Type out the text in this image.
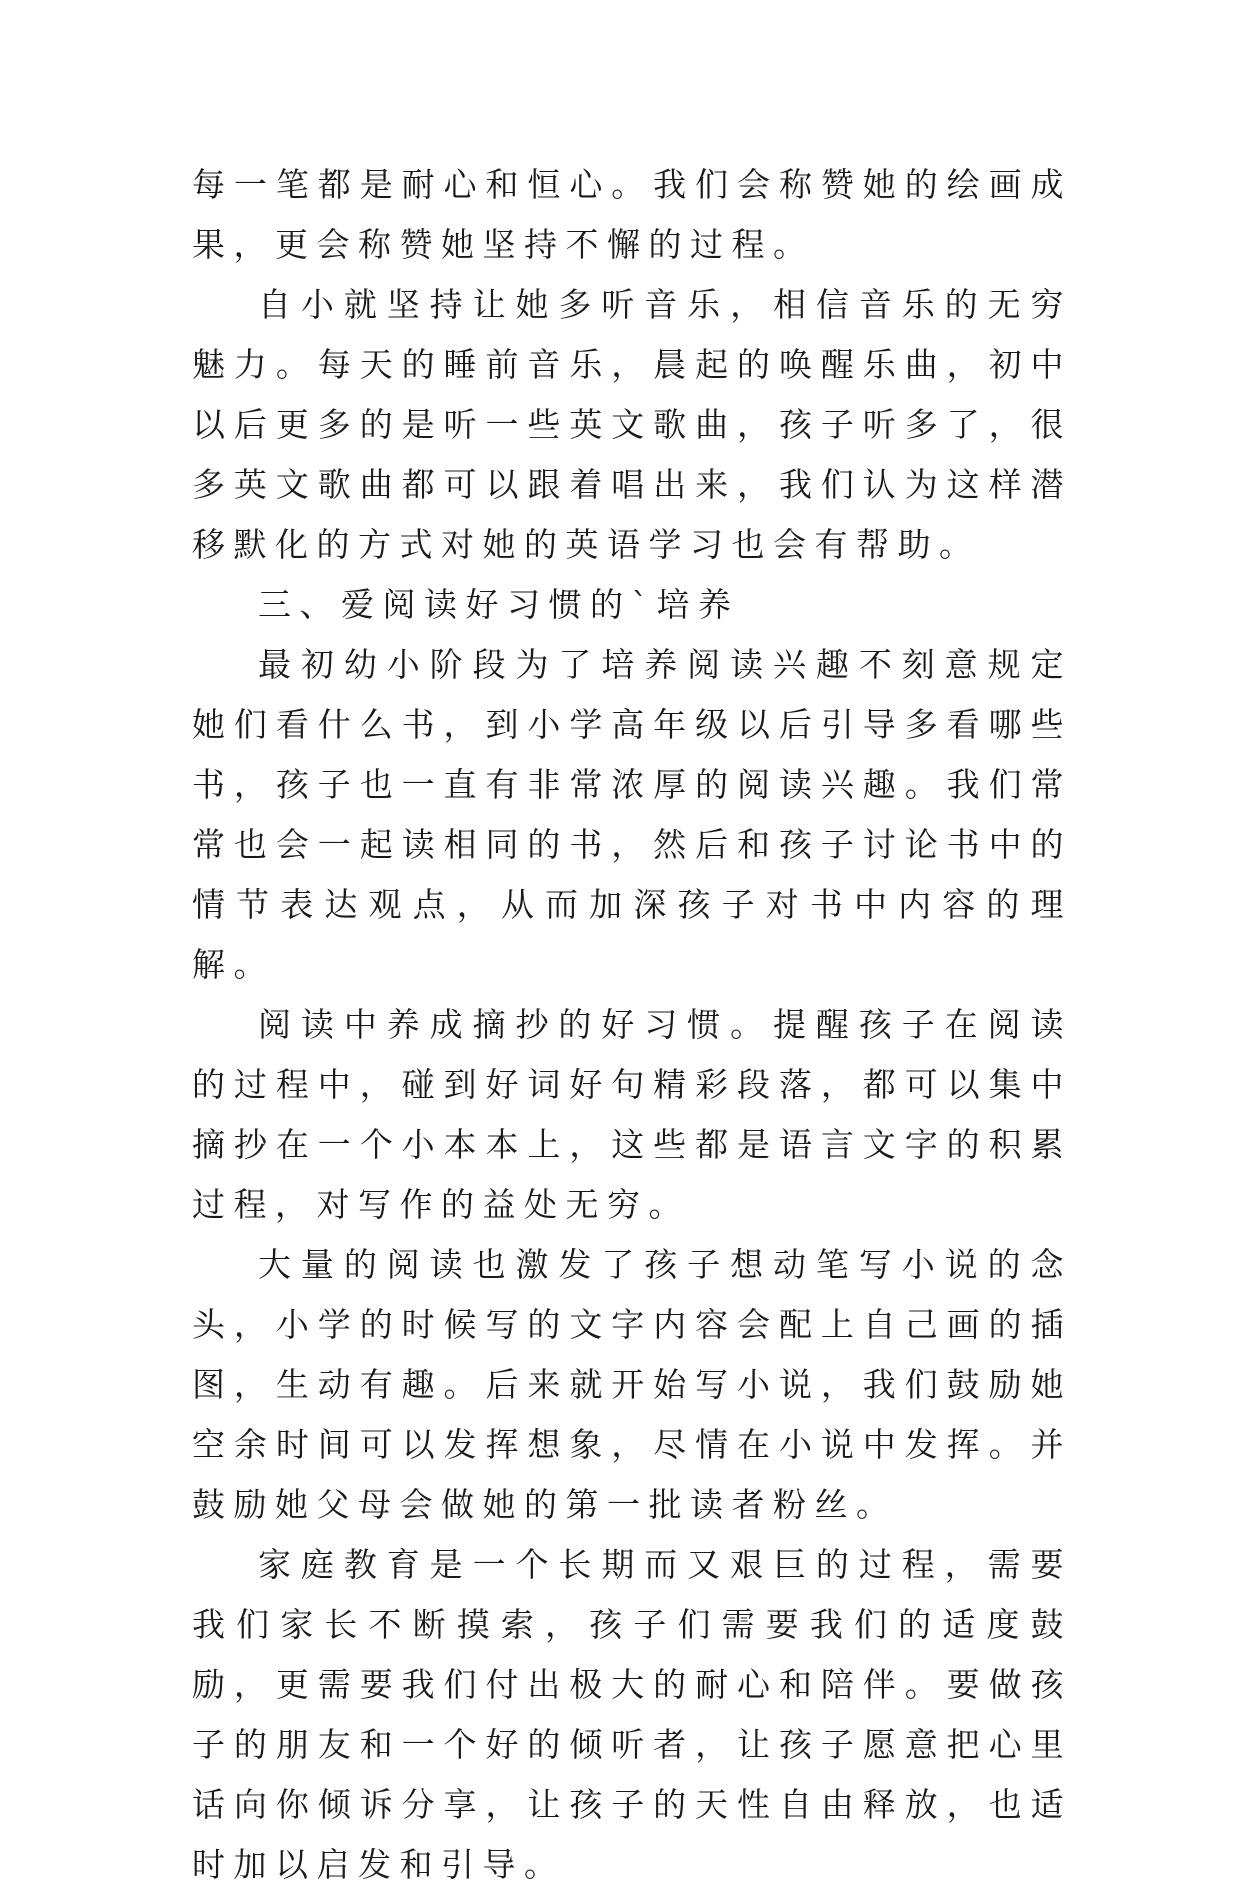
每一笔都是耐心和恒心。我们会称赞她的绘画成果，更会称赞她坚持不懈的过程。

自小就坚持让她多听音乐，相信音乐的无穷魅力。每天的睡前音乐，晨起的唤醒乐曲，初中以后更多的是听一些英文歌曲，孩子听多了，很多英文歌曲都可以跟着唱出来，我们认为这样潜移默化的方式对她的英语学习也会有帮助。

三、爱阅读好习惯的`培养

最初幼小阶段为了培养阅读兴趣不刻意规定她们看什么书，到小学高年级以后引导多看哪些书，孩子也一直有非常浓厚的阅读兴趣。我们常常也会一起读相同的书，然后和孩子讨论书中的情节表达观点，从而加深孩子对书中内容的理解。

阅读中养成摘抄的好习惯。提醒孩子在阅读的过程中，碰到好词好句精彩段落，都可以集中摘抄在一个小本本上，这些都是语言文字的积累过程，对写作的益处无穷。

大量的阅读也激发了孩子想动笔写小说的念头，小学的时候写的文字内容会配上自己画的插图，生动有趣。后来就开始写小说，我们鼓励她空余时间可以发挥想象，尽情在小说中发挥。并鼓励她父母会做她的第一批读者粉丝。

家庭教育是一个长期而又艰巨的过程，需要我们家长不断摸索，孩子们需要我们的适度鼓励，更需要我们付出极大的耐心和陪伴。要做孩子的朋友和一个好的倾听者，让孩子愿意把心里话向你倾诉分享，让孩子的天性自由释放，也适时加以启发和引导。
